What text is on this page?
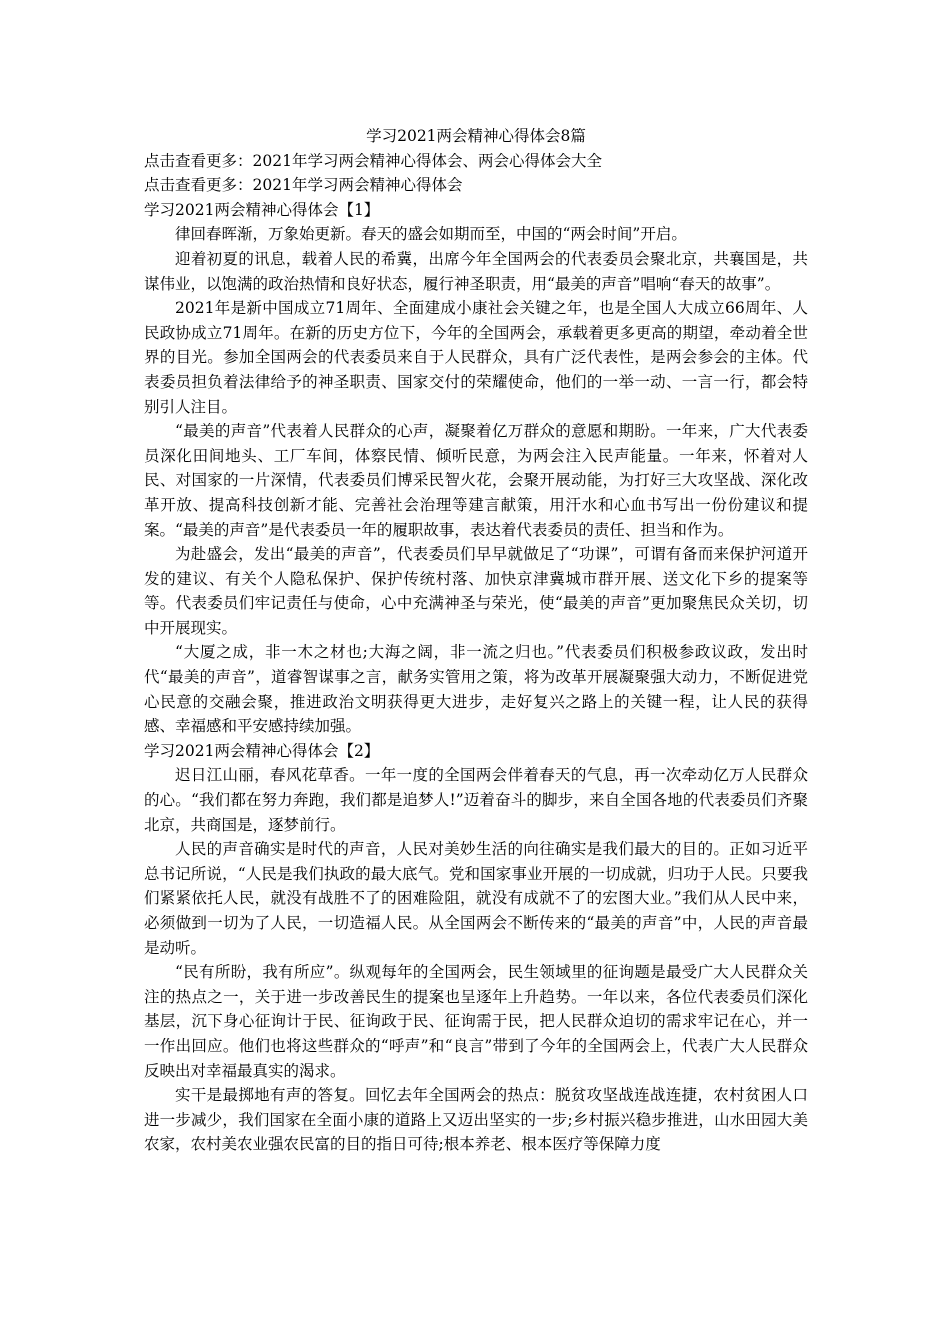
学习2021两会精神心得体会8篇

点击查看更多：2021年学习两会精神心得体会、两会心得体会大全

点击查看更多：2021年学习两会精神心得体会

学习2021两会精神心得体会【1】

律回春晖渐，万象始更新。春天的盛会如期而至，中国的“两会时间”开启。

迎着初夏的讯息，载着人民的希冀，出席今年全国两会的代表委员会聚北京，共襄国是，共谋伟业，以饱满的政治热情和良好状态，履行神圣职责，用“最美的声音”唱响“春天的故事”。

2021年是新中国成立71周年、全面建成小康社会关键之年，也是全国人大成立66周年、人民政协成立71周年。在新的历史方位下，今年的全国两会，承载着更多更高的期望，牵动着全世界的目光。参加全国两会的代表委员来自于人民群众，具有广泛代表性，是两会参会的主体。代表委员担负着法律给予的神圣职责、国家交付的荣耀使命，他们的一举一动、一言一行，都会特别引人注目。

“最美的声音”代表着人民群众的心声，凝聚着亿万群众的意愿和期盼。一年来，广大代表委员深化田间地头、工厂车间，体察民情、倾听民意，为两会注入民声能量。一年来，怀着对人民、对国家的一片深情，代表委员们博采民智火花，会聚开展动能，为打好三大攻坚战、深化改革开放、提高科技创新才能、完善社会治理等建言献策，用汗水和心血书写出一份份建议和提案。“最美的声音”是代表委员一年的履职故事，表达着代表委员的责任、担当和作为。

为赴盛会，发出“最美的声音”，代表委员们早早就做足了“功课”，可谓有备而来保护河道开发的建议、有关个人隐私保护、保护传统村落、加快京津冀城市群开展、送文化下乡的提案等等。代表委员们牢记责任与使命，心中充满神圣与荣光，使“最美的声音”更加聚焦民众关切，切中开展现实。

“大厦之成，非一木之材也;大海之阔，非一流之归也。”代表委员们积极参政议政，发出时代“最美的声音”，道睿智谋事之言，献务实管用之策，将为改革开展凝聚强大动力，不断促进党心民意的交融会聚，推进政治文明获得更大进步，走好复兴之路上的关键一程，让人民的获得感、幸福感和平安感持续加强。

学习2021两会精神心得体会【2】

迟日江山丽，春风花草香。一年一度的全国两会伴着春天的气息，再一次牵动亿万人民群众的心。“我们都在努力奔跑，我们都是追梦人!”迈着奋斗的脚步，来自全国各地的代表委员们齐聚北京，共商国是，逐梦前行。

人民的声音确实是时代的声音，人民对美妙生活的向往确实是我们最大的目的。正如习近平总书记所说，“人民是我们执政的最大底气。党和国家事业开展的一切成就，归功于人民。只要我们紧紧依托人民，就没有战胜不了的困难险阻，就没有成就不了的宏图大业。”我们从人民中来，必须做到一切为了人民，一切造福人民。从全国两会不断传来的“最美的声音”中，人民的声音最是动听。

“民有所盼，我有所应”。纵观每年的全国两会，民生领域里的征询题是最受广大人民群众关注的热点之一，关于进一步改善民生的提案也呈逐年上升趋势。一年以来，各位代表委员们深化基层，沉下身心征询计于民、征询政于民、征询需于民，把人民群众迫切的需求牢记在心，并一一作出回应。他们也将这些群众的“呼声”和“良言”带到了今年的全国两会上，代表广大人民群众反映出对幸福最真实的渴求。

实干是最掷地有声的答复。回忆去年全国两会的热点：脱贫攻坚战连战连捷，农村贫困人口进一步减少，我们国家在全面小康的道路上又迈出坚实的一步;乡村振兴稳步推进，山水田园大美农家，农村美农业强农民富的目的指日可待;根本养老、根本医疗等保障力度
